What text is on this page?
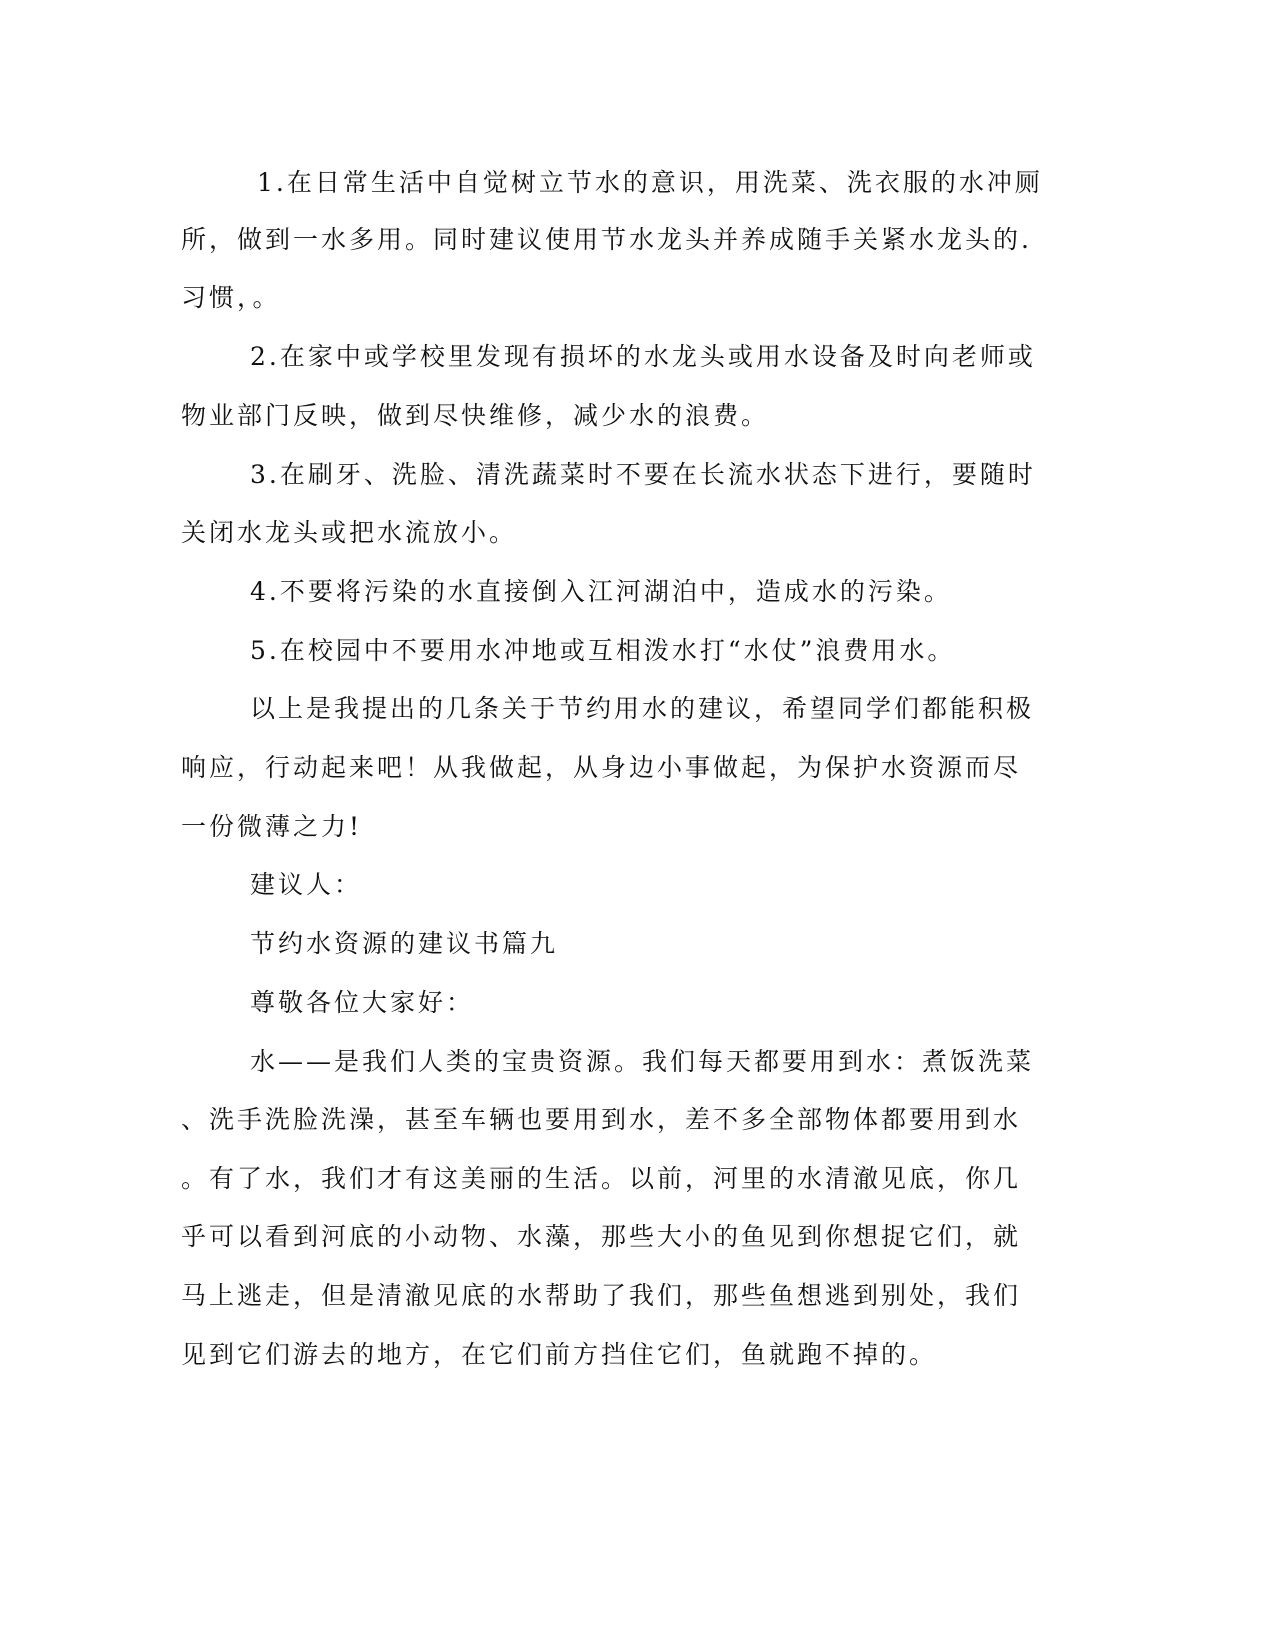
1.在日常生活中自觉树立节水的意识，用洗菜、洗衣服的水冲厕
所，做到一水多用。同时建议使用节水龙头并养成随手关紧水龙头的.
习惯，。
2.在家中或学校里发现有损坏的水龙头或用水设备及时向老师或
物业部门反映，做到尽快维修，减少水的浪费。
3.在刷牙、洗脸、清洗蔬菜时不要在长流水状态下进行，要随时
关闭水龙头或把水流放小。
4.不要将污染的水直接倒入江河湖泊中，造成水的污染。
5.在校园中不要用水冲地或互相泼水打“水仗”浪费用水。
以上是我提出的几条关于节约用水的建议，希望同学们都能积极
响应，行动起来吧！从我做起，从身边小事做起，为保护水资源而尽
一份微薄之力!
建议人：
节约水资源的建议书篇九
尊敬各位大家好：
水——是我们人类的宝贵资源。我们每天都要用到水：煮饭洗菜
、洗手洗脸洗澡，甚至车辆也要用到水，差不多全部物体都要用到水
。有了水，我们才有这美丽的生活。以前，河里的水清澈见底，你几
乎可以看到河底的小动物、水藻，那些大小的鱼见到你想捉它们，就
马上逃走，但是清澈见底的水帮助了我们，那些鱼想逃到别处，我们
见到它们游去的地方，在它们前方挡住它们，鱼就跑不掉的。
